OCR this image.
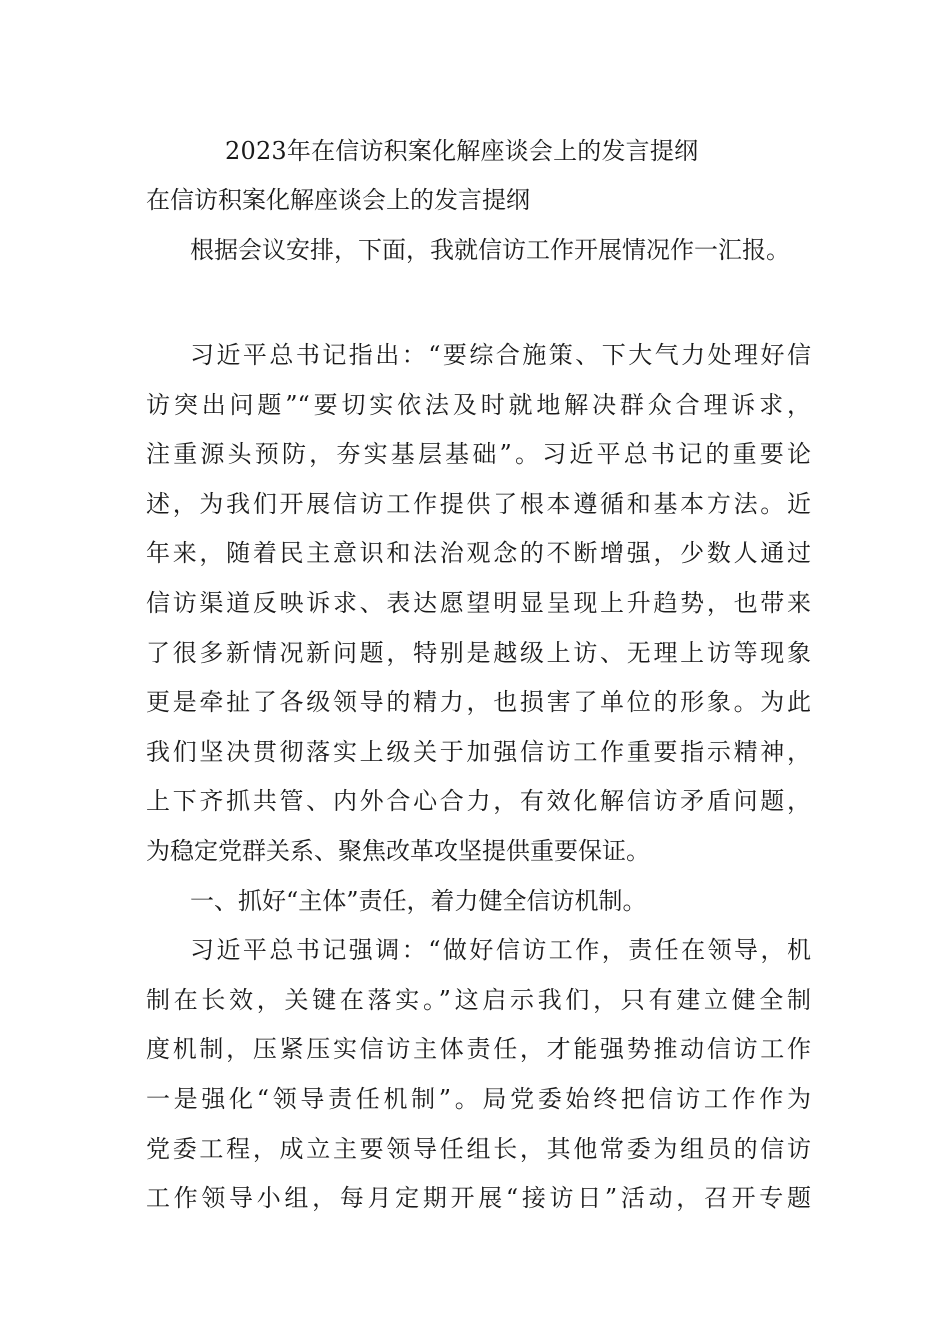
2023年在信访积案化解座谈会上的发言提纲
在信访积案化解座谈会上的发言提纲
根据会议安排，下面，我就信访工作开展情况作一汇报。
习近平总书记指出：“要综合施策、下大气力处理好信
访突出问题”“要切实依法及时就地解决群众合理诉求，
注重源头预防，夯实基层基础”。习近平总书记的重要论
述，为我们开展信访工作提供了根本遵循和基本方法。近
年来，随着民主意识和法治观念的不断增强，少数人通过
信访渠道反映诉求、表达愿望明显呈现上升趋势，也带来
了很多新情况新问题，特别是越级上访、无理上访等现象
更是牵扯了各级领导的精力，也损害了单位的形象。为此
我们坚决贯彻落实上级关于加强信访工作重要指示精神，
上下齐抓共管、内外合心合力，有效化解信访矛盾问题，
为稳定党群关系、聚焦改革攻坚提供重要保证。
一、抓好“主体”责任，着力健全信访机制。
习近平总书记强调：“做好信访工作，责任在领导，机
制在长效，关键在落实。”这启示我们，只有建立健全制
度机制，压紧压实信访主体责任，才能强势推动信访工作
一是强化“领导责任机制”。局党委始终把信访工作作为
党委工程，成立主要领导任组长，其他常委为组员的信访
工作领导小组，每月定期开展“接访日”活动，召开专题
